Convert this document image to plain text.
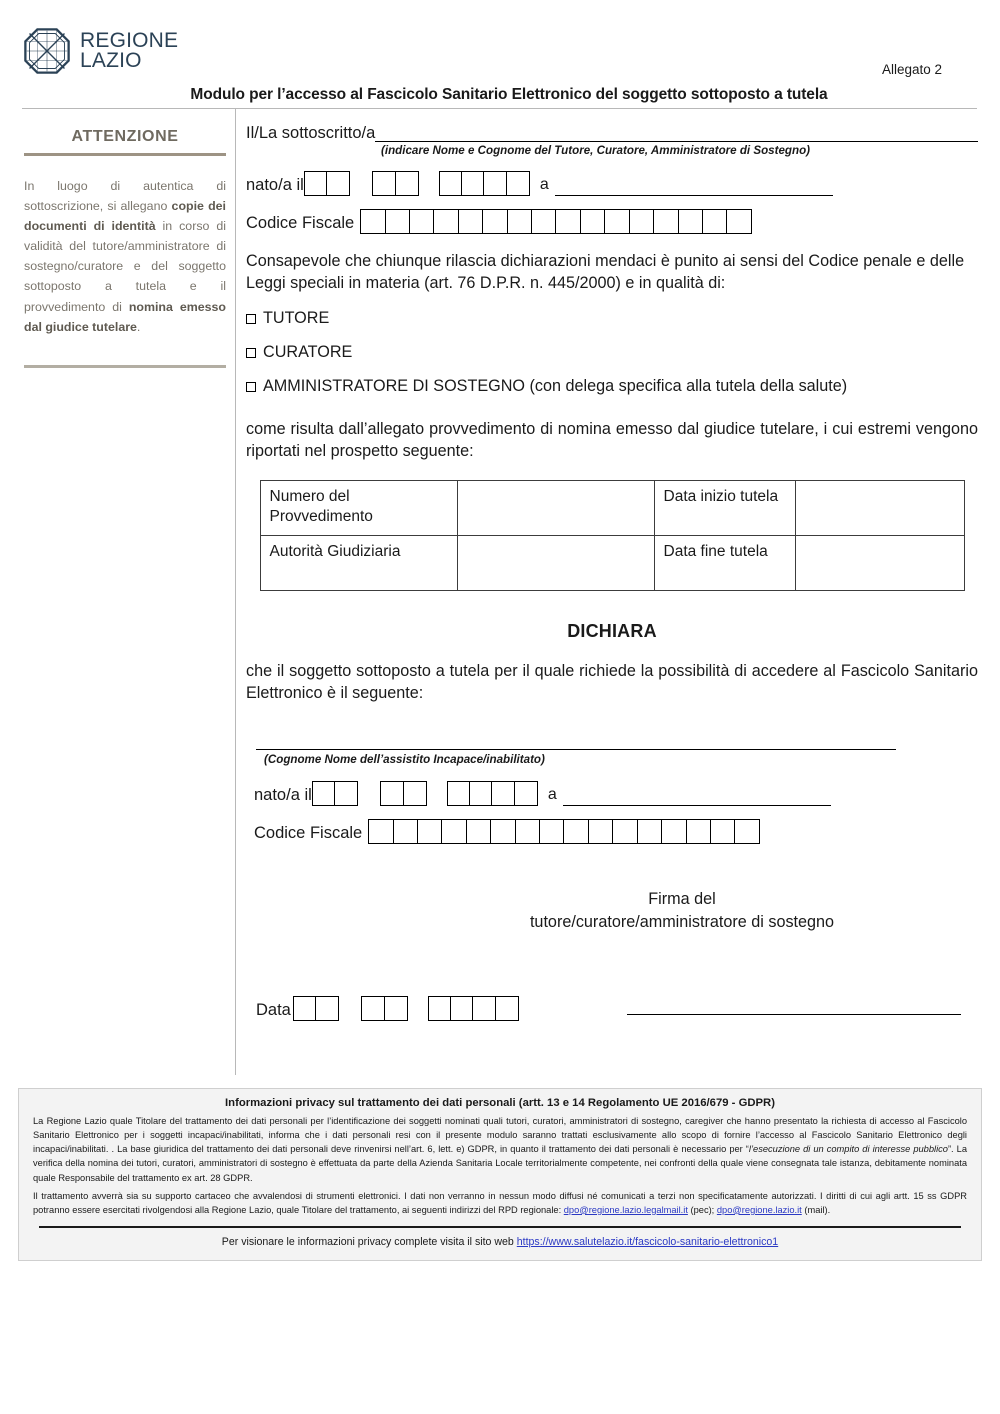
REGIONE
LAZIO	Allegato 2
Modulo per l’accesso al Fascicolo Sanitario Elettronico del soggetto sottoposto a tutela
ATTENZIONE
In luogo di autentica di sottoscrizione, si allegano copie dei documenti di identità in corso di validità del tutore/amministratore di sostegno/curatore e del soggetto sottoposto a tutela e il provvedimento di nomina emesso dal giudice tutelare.
Il/La sottoscritto/a
(indicare Nome e Cognome del Tutore, Curatore, Amministratore di Sostegno)
nato/a il	a
Codice Fiscale
Consapevole che chiunque rilascia dichiarazioni mendaci è punito ai sensi del Codice penale e delle Leggi speciali in materia (art. 76 D.P.R. n. 445/2000) e in qualità di:
TUTORE
CURATORE
AMMINISTRATORE DI SOSTEGNO (con delega specifica alla tutela della salute)
come risulta dall’allegato provvedimento di nomina emesso dal giudice tutelare, i cui estremi vengono riportati nel prospetto seguente:
Numero del Provvedimento		Data inizio tutela	
Autorità Giudiziaria		Data fine tutela	
DICHIARA
che il soggetto sottoposto a tutela per il quale richiede la possibilità di accedere al Fascicolo Sanitario Elettronico è il seguente:
(Cognome Nome dell’assistito Incapace/inabilitato)
nato/a il	a
Codice Fiscale
Firma del
tutore/curatore/amministratore di sostegno
Data
Informazioni privacy sul trattamento dei dati personali (artt. 13 e 14 Regolamento UE 2016/679 - GDPR)

La Regione Lazio quale Titolare del trattamento dei dati personali per l’identificazione dei soggetti nominati quali tutori, curatori, amministratori di sostegno, caregiver che hanno presentato la richiesta di accesso al Fascicolo Sanitario Elettronico per i soggetti incapaci/inabilitati, informa che i dati personali resi con il presente modulo saranno trattati esclusivamente allo scopo di fornire l’accesso al Fascicolo Sanitario Elettronico degli incapaci/inabilitati. . La base giuridica del trattamento dei dati personali deve rinvenirsi nell’art. 6, lett. e) GDPR, in quanto il trattamento dei dati personali è necessario per “l’esecuzione di un compito di interesse pubblico”. La verifica della nomina dei tutori, curatori, amministratori di sostegno è effettuata da parte della Azienda Sanitaria Locale territorialmente competente, nei confronti della quale viene consegnata tale istanza, debitamente nominata quale Responsabile del trattamento ex art. 28 GDPR.

Il trattamento avverrà sia su supporto cartaceo che avvalendosi di strumenti elettronici. I dati non verranno in nessun modo diffusi né comunicati a terzi non specificatamente autorizzati. I diritti di cui agli artt. 15 ss GDPR potranno essere esercitati rivolgendosi alla Regione Lazio, quale Titolare del trattamento, ai seguenti indirizzi del RPD regionale: dpo@regione.lazio.legalmail.it (pec); dpo@regione.lazio.it (mail).

Per visionare le informazioni privacy complete visita il sito web https://www.salutelazio.it/fascicolo-sanitario-elettronico1
